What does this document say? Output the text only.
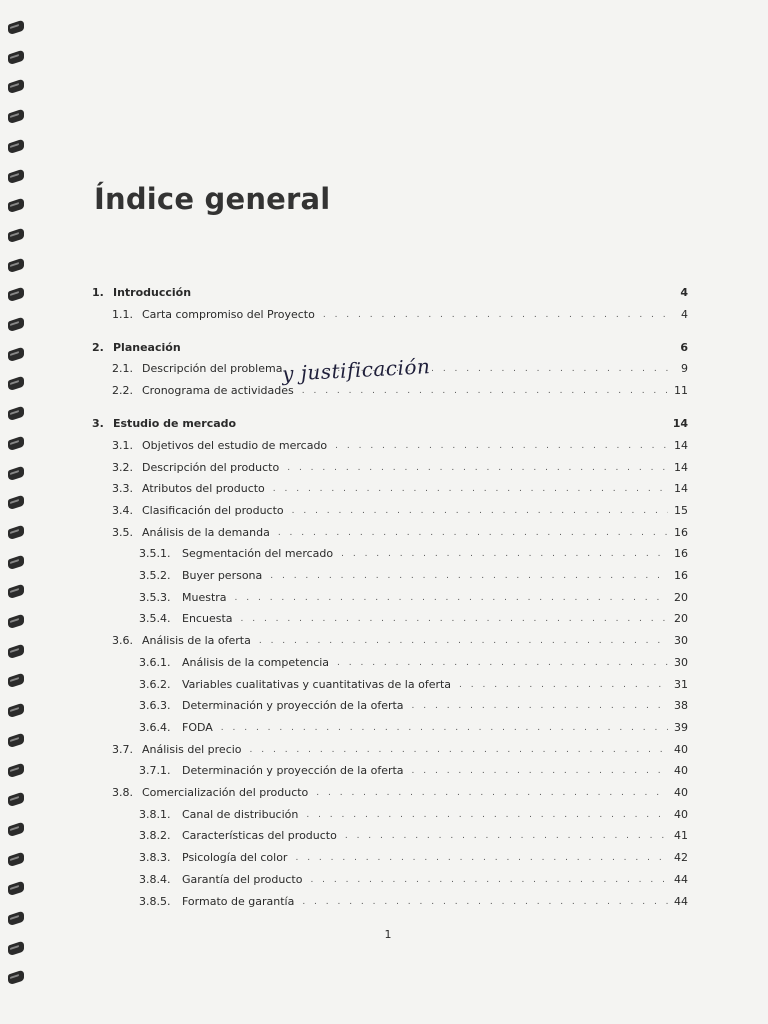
Índice general
1. Introducción	4
1.1. Carta compromiso del Proyecto . . .	4
2. Planeación	6
2.1. Descripción del problema . . .	9
2.2. Cronograma de actividades . . .	11
3. Estudio de mercado	14
3.1. Objetivos del estudio de mercado . . .	14
3.2. Descripción del producto . . .	14
3.3. Atributos del producto . . .	14
3.4. Clasificación del producto . . .	15
3.5. Análisis de la demanda . . .	16
3.5.1.	Segmentación del mercado . . .	16
3.5.2.	Buyer persona . . .	16
3.5.3.	Muestra . . .	20
3.5.4.	Encuesta . . .	20
3.6. Análisis de la oferta . . .	30
3.6.1.	Análisis de la competencia . . .	30
3.6.2.	Variables cualitativas y cuantitativas de la oferta . . .	31
3.6.3.	Determinación y proyección de la oferta . . .	38
3.6.4.	FODA . . .	39
3.7. Análisis del precio . . .	40
3.7.1.	Determinación y proyección de la oferta . . .	40
3.8. Comercialización del producto . . .	40
3.8.1.	Canal de distribución . . .	40
3.8.2.	Características del producto . . .	41
3.8.3.	Psicología del color . . .	42
3.8.4.	Garantía del producto . . .	44
3.8.5.	Formato de garantía . . .	44
y justificación
1
